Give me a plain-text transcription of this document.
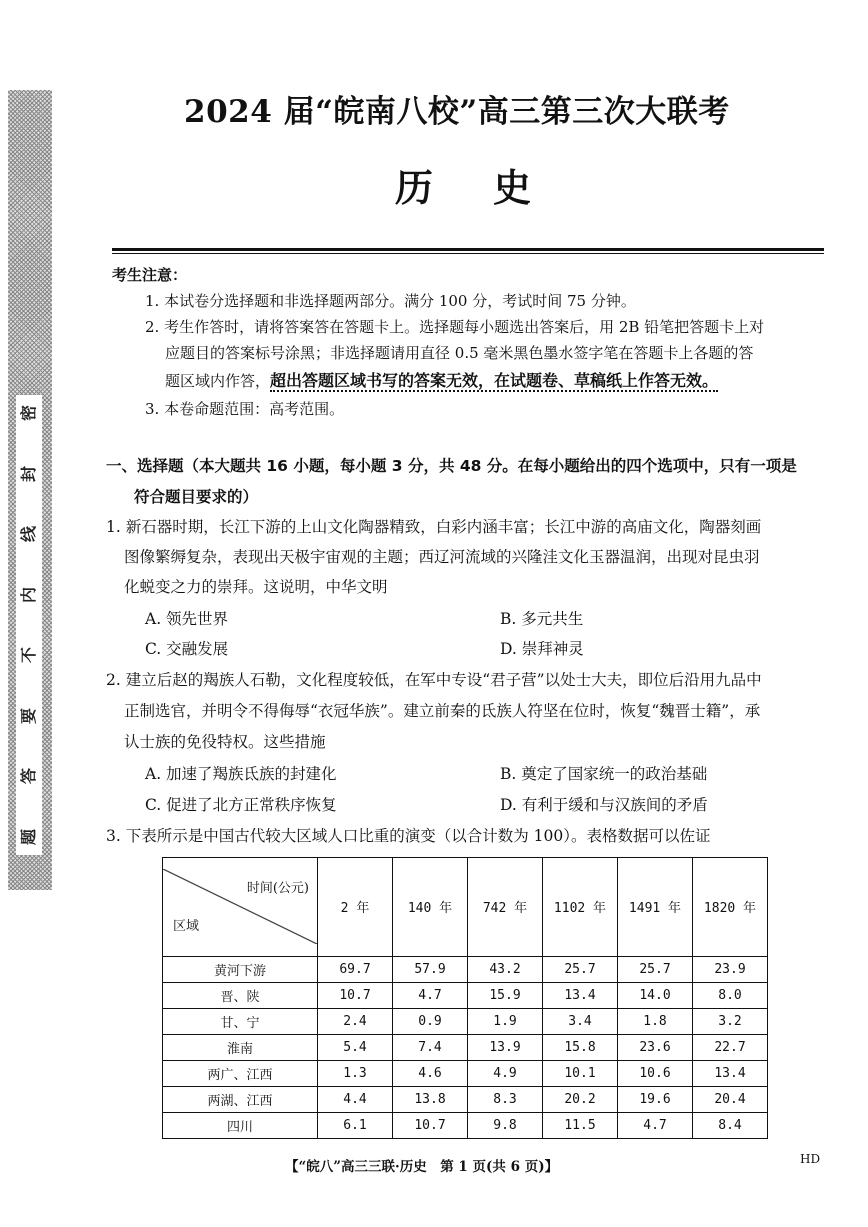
密
封
线
内
不
要
答
题
2024 届“皖南八校”高三第三次大联考
历史
考生注意：
1. 本试卷分选择题和非选择题两部分。满分 100 分，考试时间 75 分钟。
2. 考生作答时，请将答案答在答题卡上。选择题每小题选出答案后，用 2B 铅笔把答题卡上对
应题目的答案标号涂黑；非选择题请用直径 0.5 毫米黑色墨水签字笔在答题卡上各题的答
题区域内作答，超出答题区域书写的答案无效，在试题卷、草稿纸上作答无效。
3. 本卷命题范围：高考范围。
一、选择题（本大题共 16 小题，每小题 3 分，共 48 分。在每小题给出的四个选项中，只有一项是
符合题目要求的）
1. 新石器时期，长江下游的上山文化陶器精致，白彩内涵丰富；长江中游的高庙文化，陶器刻画
图像繁缛复杂，表现出天极宇宙观的主题；西辽河流域的兴隆洼文化玉器温润，出现对昆虫羽
化蜕变之力的崇拜。这说明，中华文明
A. 领先世界	B. 多元共生
C. 交融发展	D. 崇拜神灵
2. 建立后赵的羯族人石勒，文化程度较低，在军中专设“君子营”以处士大夫，即位后沿用九品中
正制选官，并明令不得侮辱“衣冠华族”。建立前秦的氐族人符坚在位时，恢复“魏晋士籍”，承
认士族的免役特权。这些措施
A. 加速了羯族氐族的封建化	B. 奠定了国家统一的政治基础
C. 促进了北方正常秩序恢复	D. 有利于缓和与汉族间的矛盾
3. 下表所示是中国古代较大区域人口比重的演变（以合计数为 100）。表格数据可以佐证
时间(公元)
区域	2 年	140 年	742 年	1102 年	1491 年	1820 年
黄河下游	69.7	57.9	43.2	25.7	25.7	23.9
晋、陕	10.7	4.7	15.9	13.4	14.0	8.0
甘、宁	2.4	0.9	1.9	3.4	1.8	3.2
淮南	5.4	7.4	13.9	15.8	23.6	22.7
两广、江西	1.3	4.6	4.9	10.1	10.6	13.4
两湖、江西	4.4	13.8	8.3	20.2	19.6	20.4
四川	6.1	10.7	9.8	11.5	4.7	8.4
【“皖八”高三三联·历史　第 1 页(共 6 页)】	HD
